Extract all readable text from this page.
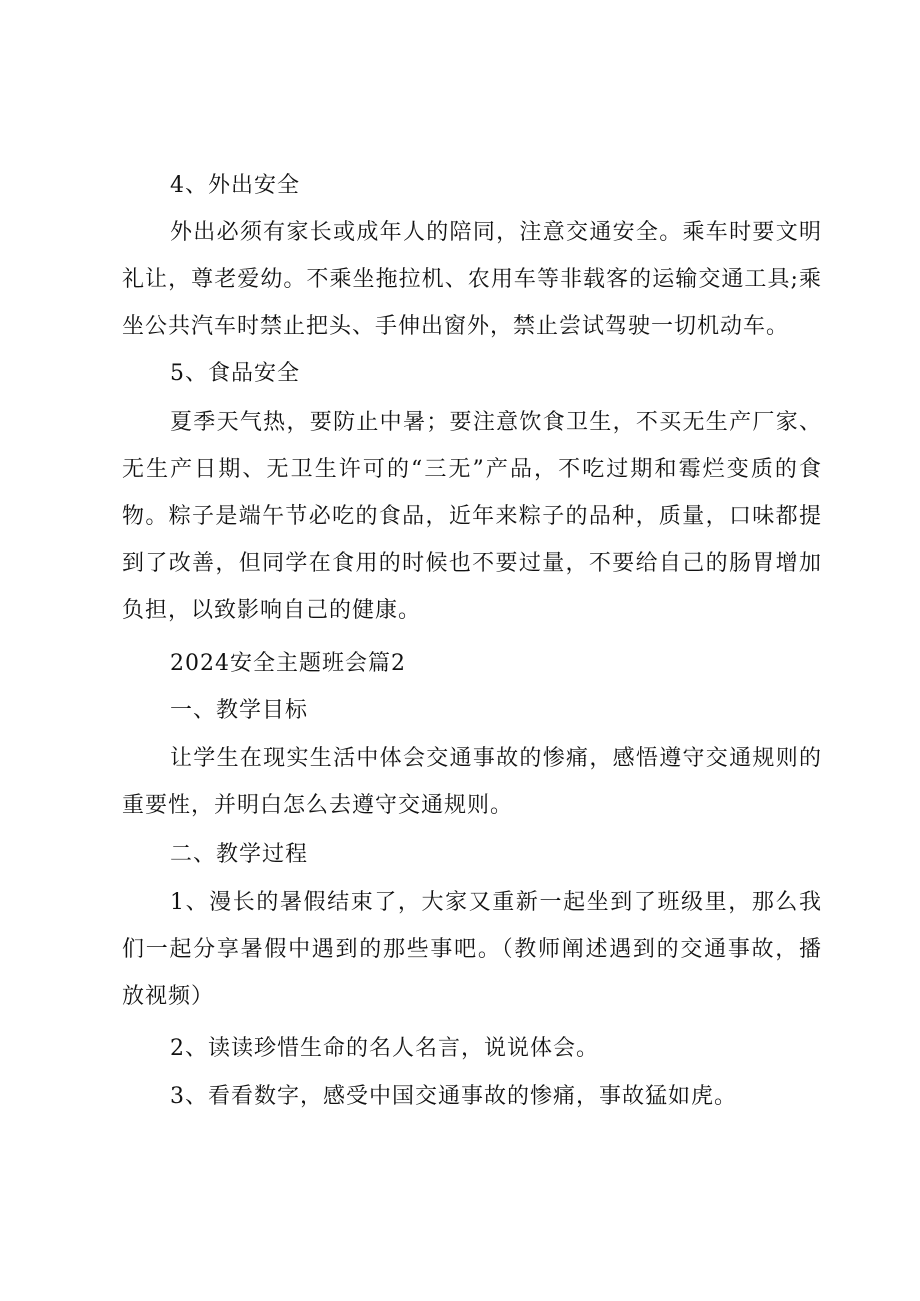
4、外出安全

外出必须有家长或成年人的陪同，注意交通安全。乘车时要文明礼让，尊老爱幼。不乘坐拖拉机、农用车等非载客的运输交通工具;乘坐公共汽车时禁止把头、手伸出窗外，禁止尝试驾驶一切机动车。

5、食品安全

夏季天气热，要防止中暑；要注意饮食卫生，不买无生产厂家、无生产日期、无卫生许可的“三无”产品，不吃过期和霉烂变质的食物。粽子是端午节必吃的食品，近年来粽子的品种，质量，口味都提到了改善，但同学在食用的时候也不要过量，不要给自己的肠胃增加负担，以致影响自己的健康。

2024安全主题班会篇2

一、教学目标

让学生在现实生活中体会交通事故的惨痛，感悟遵守交通规则的重要性，并明白怎么去遵守交通规则。

二、教学过程

1、漫长的暑假结束了，大家又重新一起坐到了班级里，那么我们一起分享暑假中遇到的那些事吧。（教师阐述遇到的交通事故，播放视频）

2、读读珍惜生命的名人名言，说说体会。

3、看看数字，感受中国交通事故的惨痛，事故猛如虎。
